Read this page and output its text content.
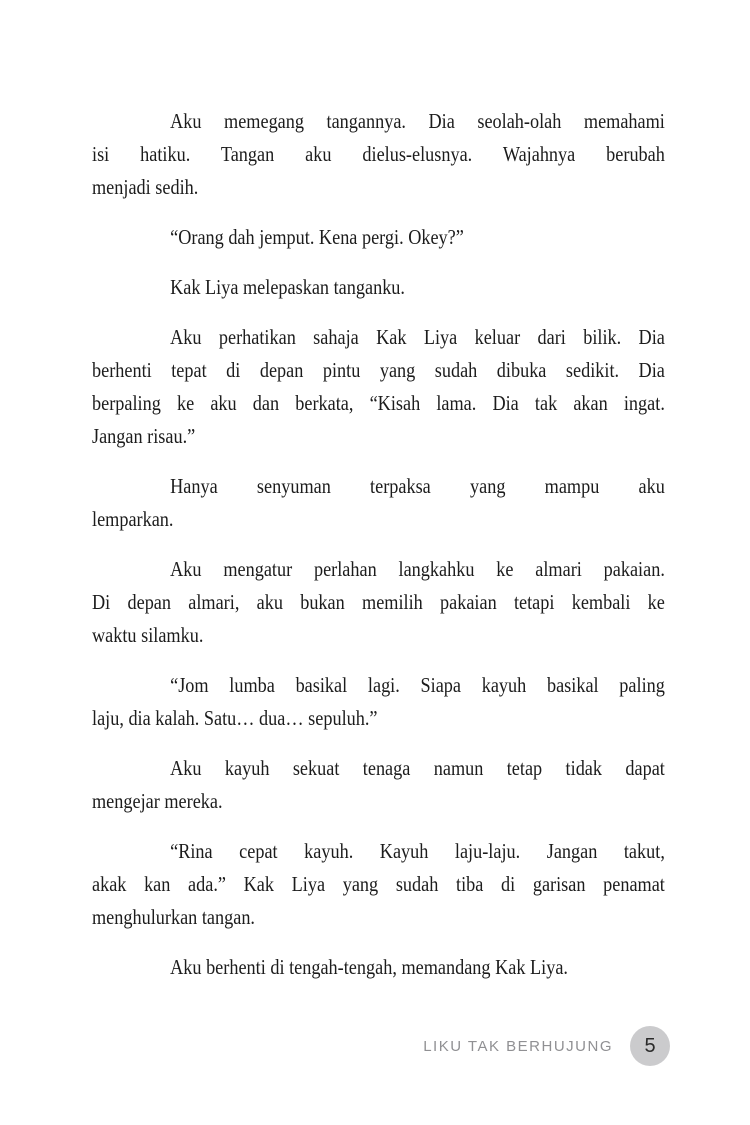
Aku memegang tangannya. Dia seolah-olah memahami
isi hatiku. Tangan aku dielus-elusnya. Wajahnya berubah
menjadi sedih.
“Orang dah jemput. Kena pergi. Okey?”
Kak Liya melepaskan tanganku.
Aku perhatikan sahaja Kak Liya keluar dari bilik. Dia
berhenti tepat di depan pintu yang sudah dibuka sedikit. Dia
berpaling ke aku dan berkata, “Kisah lama. Dia tak akan ingat.
Jangan risau.”
Hanya senyuman terpaksa yang mampu aku
lemparkan.
Aku mengatur perlahan langkahku ke almari pakaian.
Di depan almari, aku bukan memilih pakaian tetapi kembali ke
waktu silamku.
“Jom lumba basikal lagi. Siapa kayuh basikal paling
laju, dia kalah. Satu… dua… sepuluh.”
Aku kayuh sekuat tenaga namun tetap tidak dapat
mengejar mereka.
“Rina cepat kayuh. Kayuh laju-laju. Jangan takut,
akak kan ada.” Kak Liya yang sudah tiba di garisan penamat
menghulurkan tangan.
Aku berhenti di tengah-tengah, memandang Kak Liya.
LIKU TAK BERHUJUNG 5
